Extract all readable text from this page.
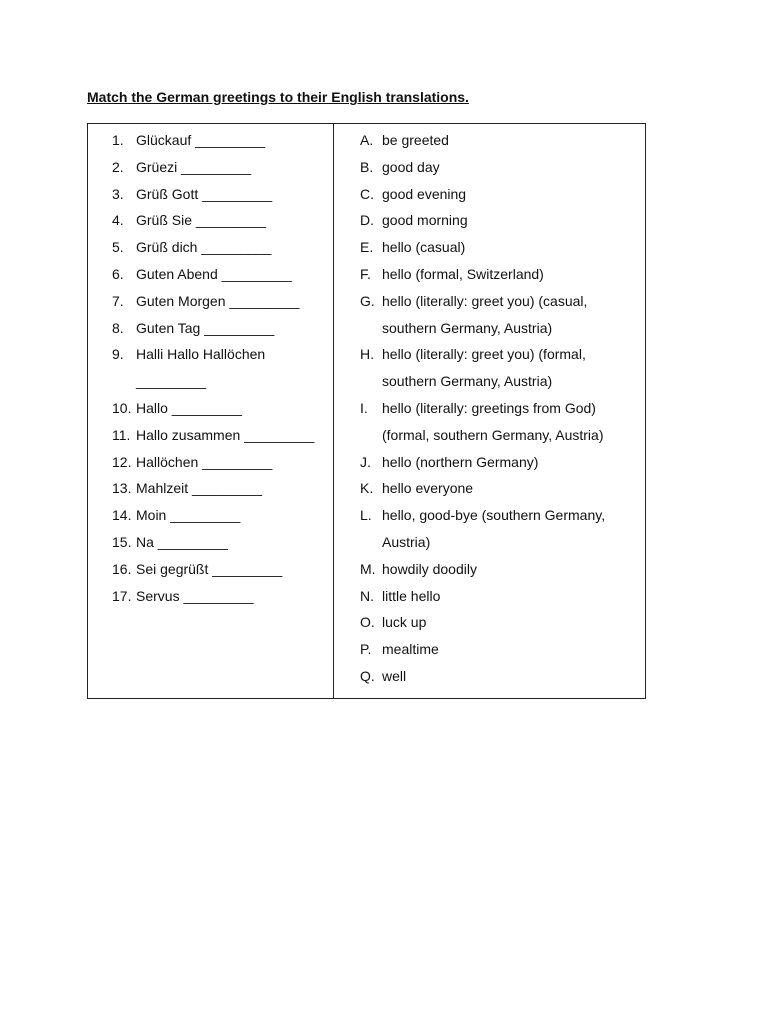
Match the German greetings to their English translations.
1. Glückauf _________
2. Grüezi _________
3. Grüß Gott _________
4. Grüß Sie _________
5. Grüß dich _________
6. Guten Abend _________
7. Guten Morgen _________
8. Guten Tag _________
9. Halli Hallo Hallöchen
_________
10. Hallo _________
11. Hallo zusammen _________
12. Hallöchen _________
13. Mahlzeit _________
14. Moin _________
15. Na _________
16. Sei gegrüßt _________
17. Servus _________
A. be greeted
B. good day
C. good evening
D. good morning
E. hello (casual)
F. hello (formal, Switzerland)
G. hello (literally: greet you) (casual,
southern Germany, Austria)
H. hello (literally: greet you) (formal,
southern Germany, Austria)
I.	hello (literally: greetings from God)
(formal, southern Germany, Austria)
J. hello (northern Germany)
K. hello everyone
L. hello, good-bye (southern Germany,
Austria)
M. howdily doodily
N. little hello
O. luck up
P. mealtime
Q. well
